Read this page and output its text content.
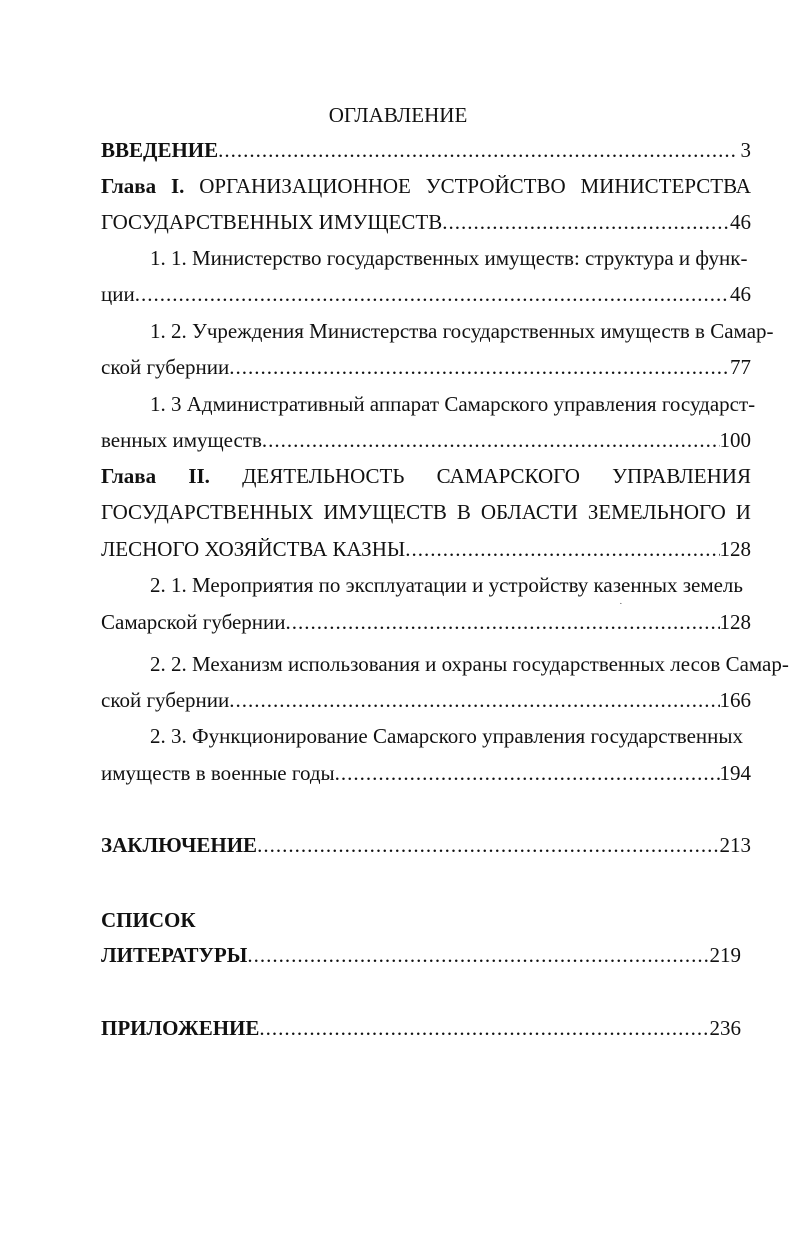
ОГЛАВЛЕНИЕ
ВВЕДЕНИЕ .....	3
Глава I. ОРГАНИЗАЦИОННОЕ УСТРОЙСТВО МИНИСТЕРСТВА
ГОСУДАРСТВЕННЫХ ИМУЩЕСТВ .....	46
1. 1. Министерство государственных имуществ: структура и функ-
ции .....	46
1. 2. Учреждения Министерства государственных имуществ в Самар-
ской губернии .....	77
1. 3 Административный аппарат Самарского управления государст-
венных имуществ .....	100
Глава II. ДЕЯТЕЛЬНОСТЬ САМАРСКОГО УПРАВЛЕНИЯ
ГОСУДАРСТВЕННЫХ ИМУЩЕСТВ В ОБЛАСТИ ЗЕМЕЛЬНОГО И
ЛЕСНОГО ХОЗЯЙСТВА КАЗНЫ .....	128
2. 1. Мероприятия по эксплуатации и устройству казенных земель
Самарской губернии .....	128
˙
2. 2. Механизм использования и охраны государственных лесов Самар-
ской губернии .....	166
2. 3. Функционирование Самарского управления государственных
имуществ в военные годы .....	194
ЗАКЛЮЧЕНИЕ .....	213
СПИСОК
ЛИТЕРАТУРЫ .....	219
ПРИЛОЖЕНИЕ .....	236
